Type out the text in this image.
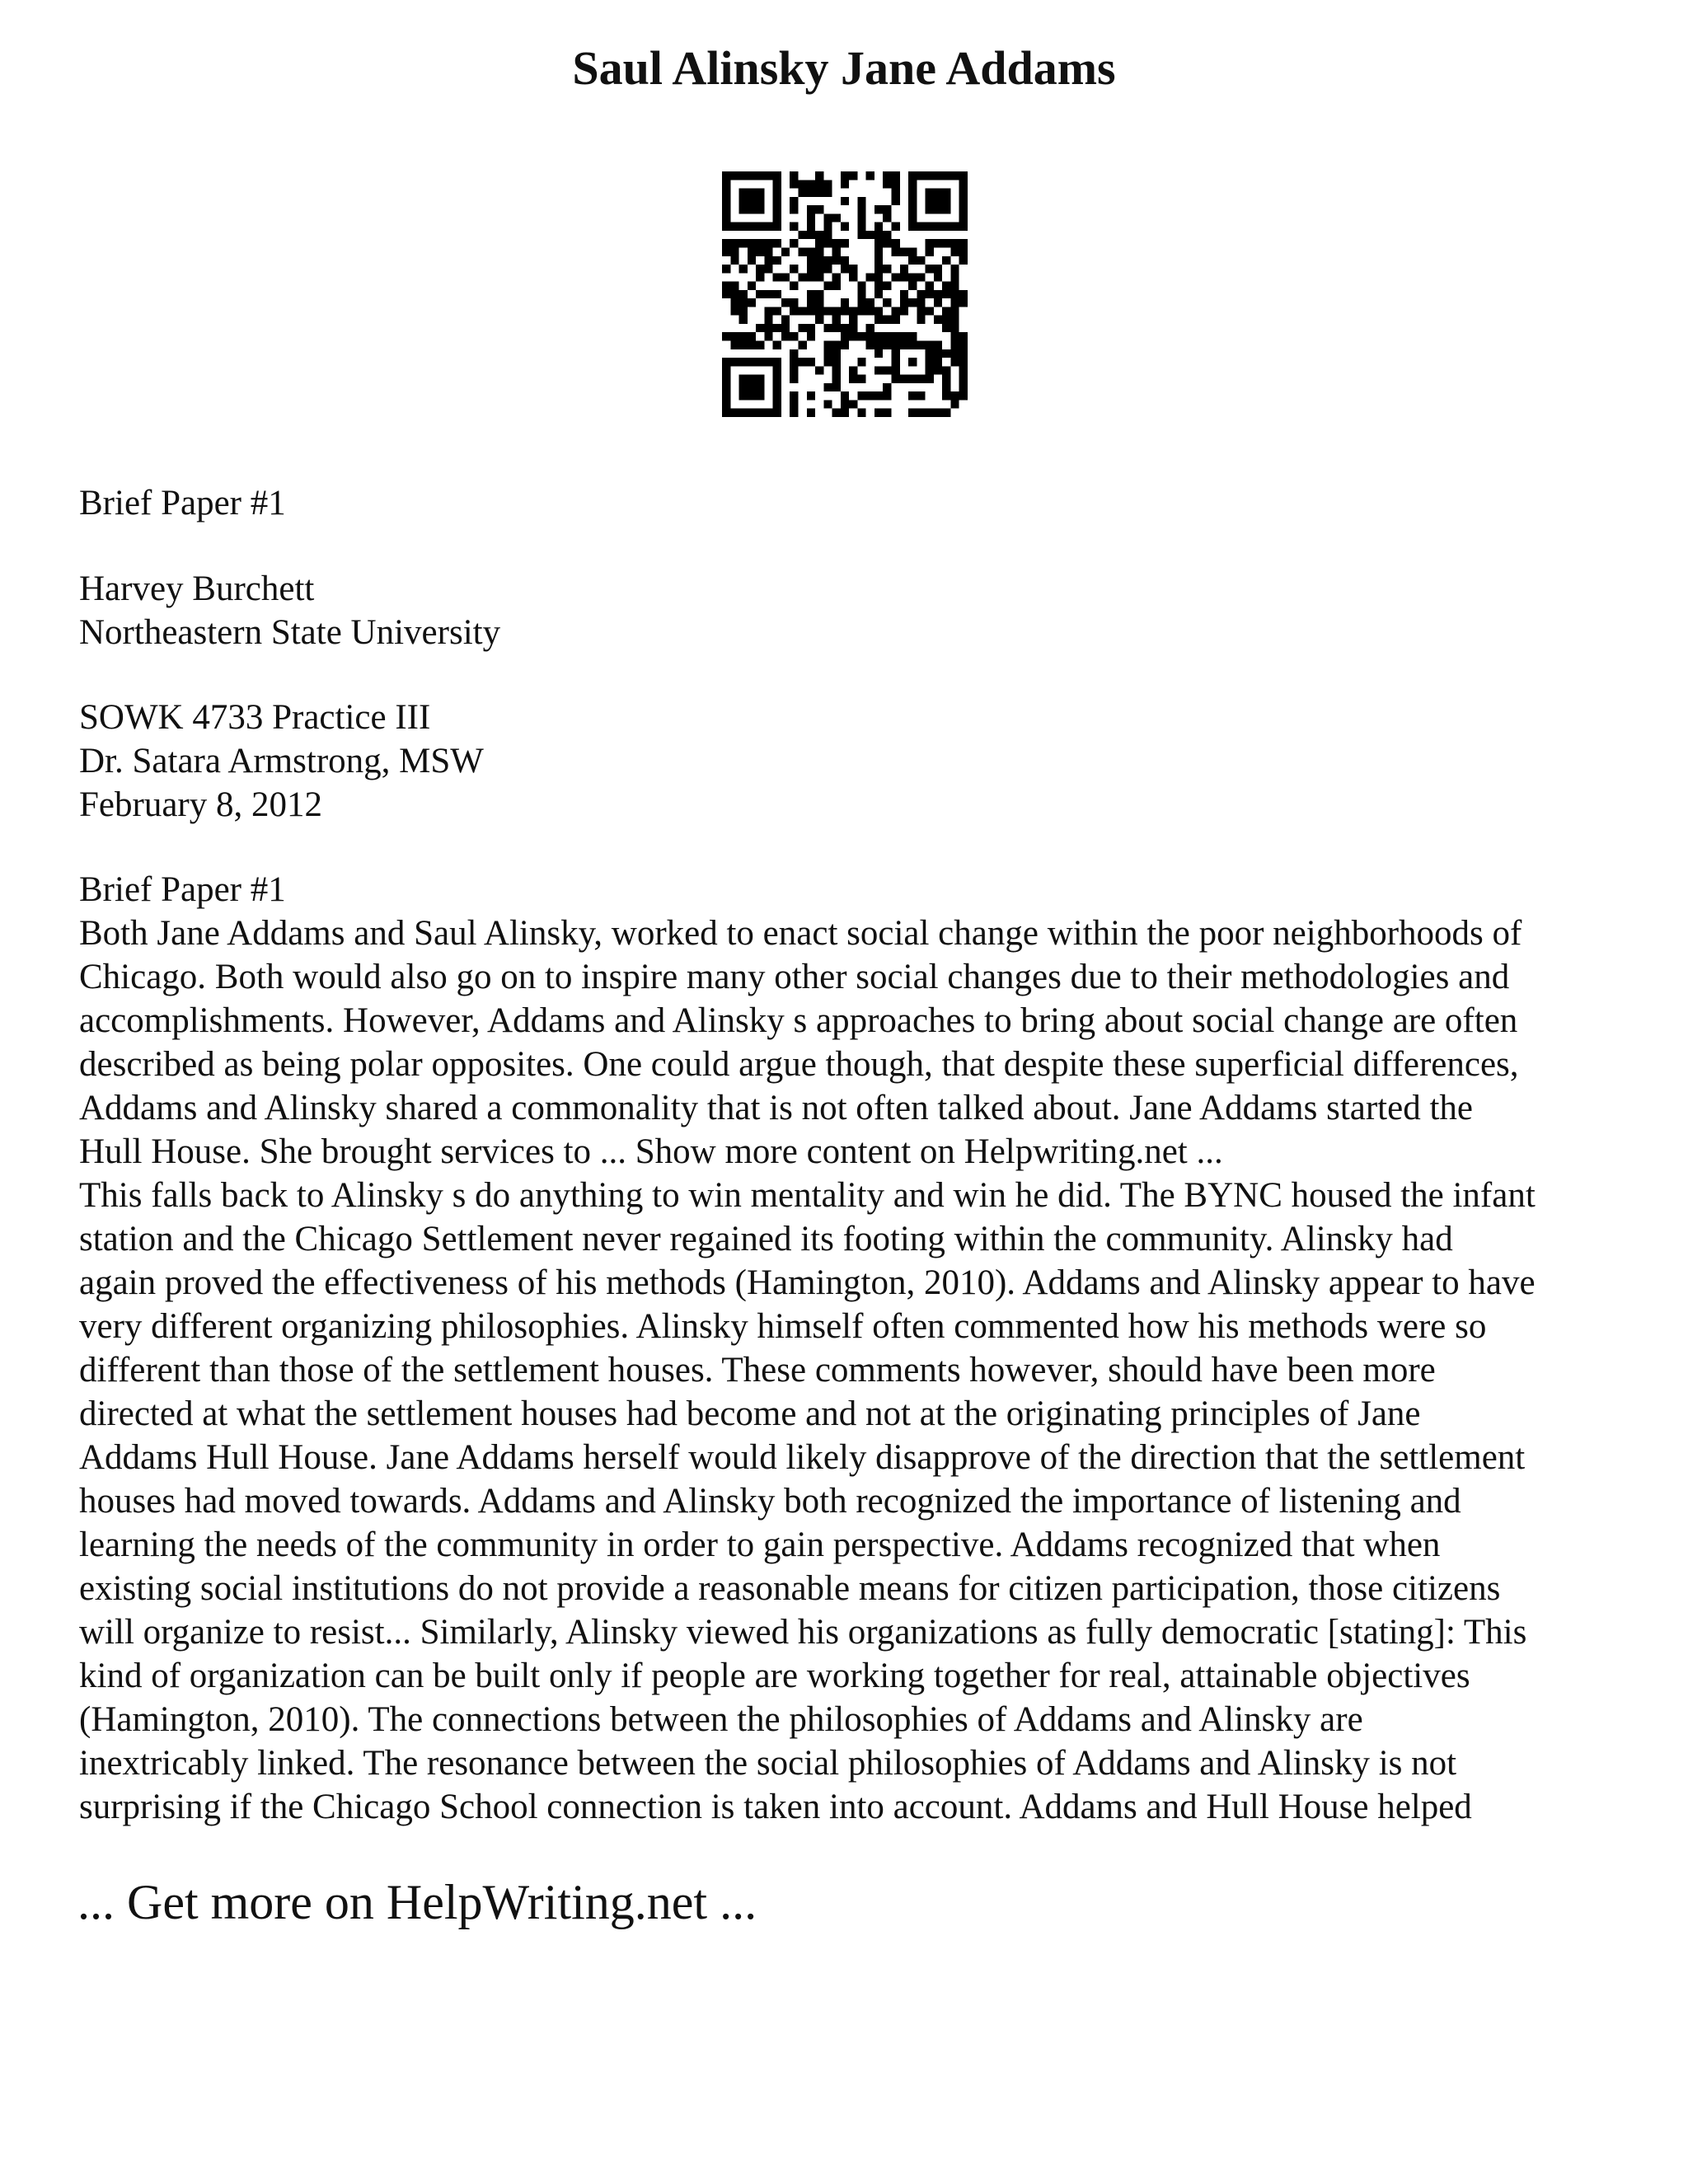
Saul Alinsky Jane Addams
Brief Paper #1
Harvey Burchett
Northeastern State University
SOWK 4733 Practice III
Dr. Satara Armstrong, MSW
February 8, 2012
Brief Paper #1
Both Jane Addams and Saul Alinsky, worked to enact social change within the poor neighborhoods of
Chicago. Both would also go on to inspire many other social changes due to their methodologies and
accomplishments. However, Addams and Alinsky s approaches to bring about social change are often
described as being polar opposites. One could argue though, that despite these superficial differences,
Addams and Alinsky shared a commonality that is not often talked about. Jane Addams started the
Hull House. She brought services to ... Show more content on Helpwriting.net ...
This falls back to Alinsky s do anything to win mentality and win he did. The BYNC housed the infant
station and the Chicago Settlement never regained its footing within the community. Alinsky had
again proved the effectiveness of his methods (Hamington, 2010). Addams and Alinsky appear to have
very different organizing philosophies. Alinsky himself often commented how his methods were so
different than those of the settlement houses. These comments however, should have been more
directed at what the settlement houses had become and not at the originating principles of Jane
Addams Hull House. Jane Addams herself would likely disapprove of the direction that the settlement
houses had moved towards. Addams and Alinsky both recognized the importance of listening and
learning the needs of the community in order to gain perspective. Addams recognized that when
existing social institutions do not provide a reasonable means for citizen participation, those citizens
will organize to resist... Similarly, Alinsky viewed his organizations as fully democratic [stating]: This
kind of organization can be built only if people are working together for real, attainable objectives
(Hamington, 2010). The connections between the philosophies of Addams and Alinsky are
inextricably linked. The resonance between the social philosophies of Addams and Alinsky is not
surprising if the Chicago School connection is taken into account. Addams and Hull House helped
... Get more on HelpWriting.net ...
